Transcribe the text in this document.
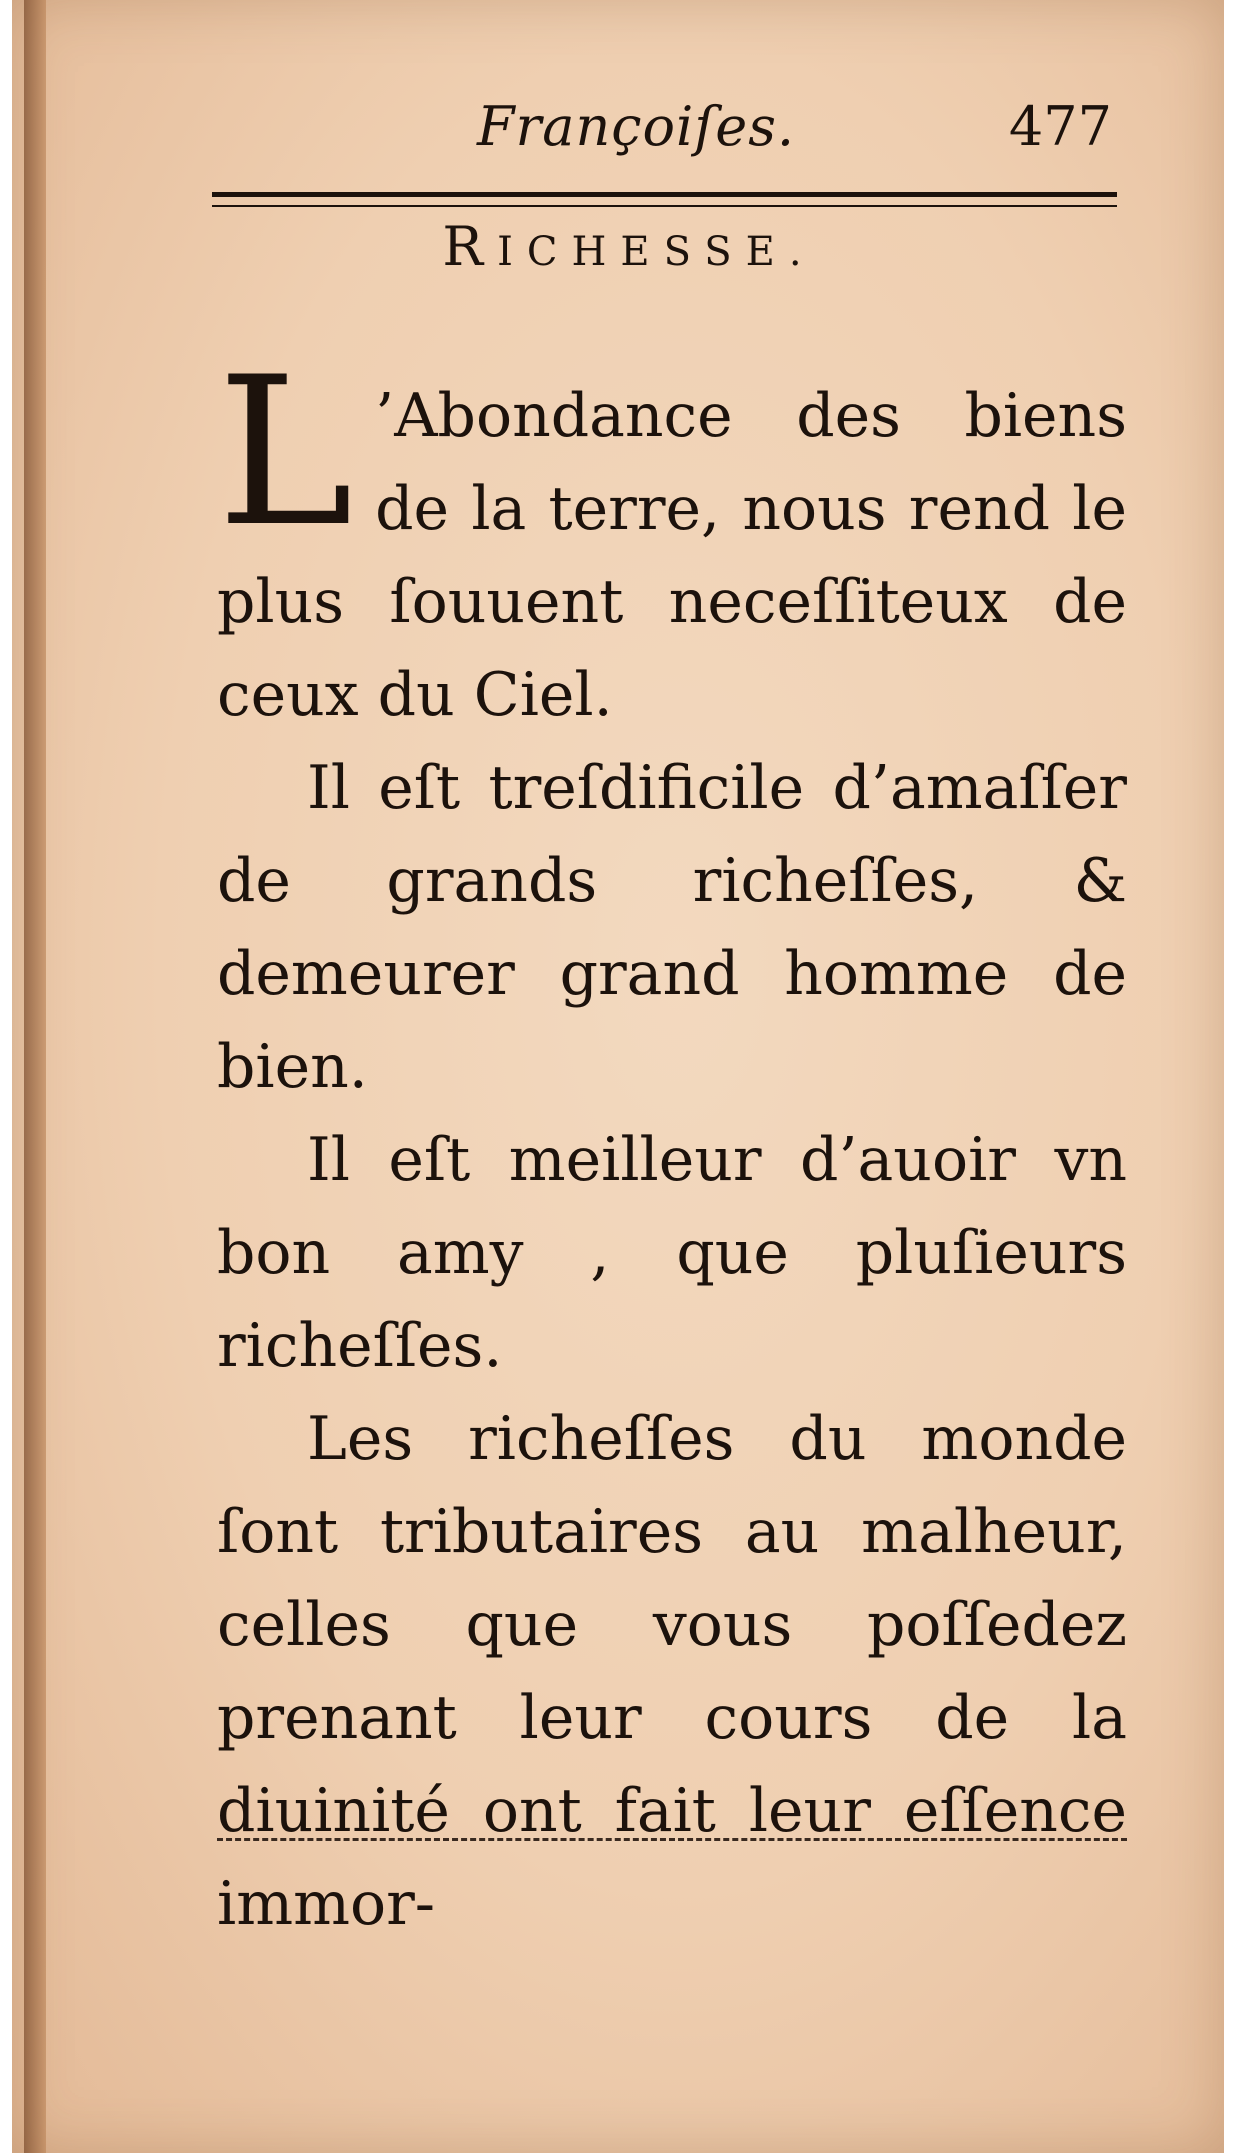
Françoiſes.	477
RICHESSE.

L ’Abondance des biens de la terre, nous rend le plus ſouuent neceſſiteux de ceux du Ciel.

Il eſt treſdificile d’amaſſer de grands richeſſes, & demeurer grand homme de bien.

Il eſt meilleur d’auoir vn bon amy , que pluſieurs richeſſes.

Les richeſſes du monde ſont tributaires au malheur, celles que vous poſſedez prenant leur cours de la diuinité ont fait leur eſſence immor-
